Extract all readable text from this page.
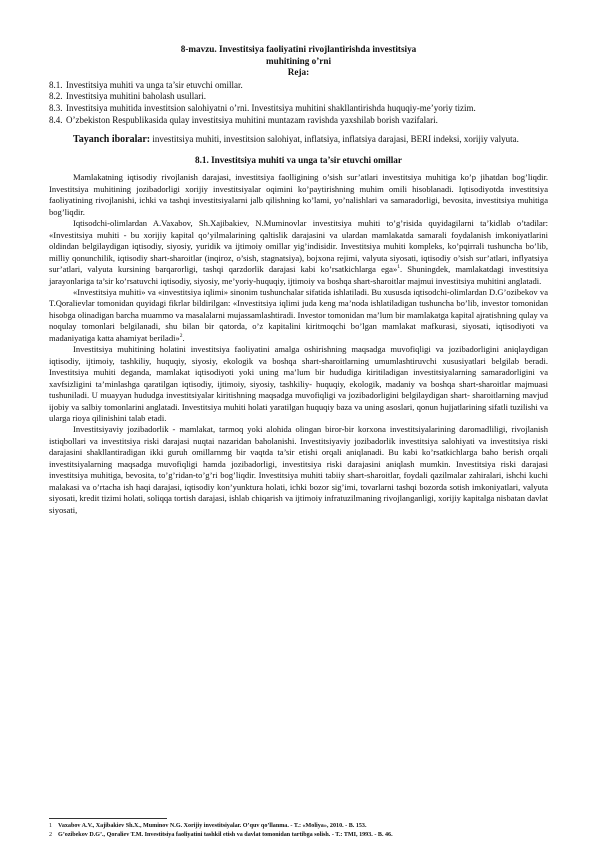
8-mavzu. Investitsiya faoliyatini rivojlantirishda investitsiya
muhitining o’rni
Reja:
8.1. Investitsiya muhiti va unga ta’sir etuvchi omillar.
8.2. Investitsiya muhitini baholash usullari.
8.3. Investitsiya muhitida investitsion salohiyatni o’rni. Investitsiya muhitini shakllantirishda huquqiy-me’yoriy tizim.
8.4. O’zbekiston Respublikasida qulay investitsiya muhitini muntazam ravishda yaxshilab borish vazifalari.

Tayanch iboralar: investitsiya muhiti, investitsion salohiyat, inflatsiya, inflatsiya darajasi, BERI indeksi, xorijiy valyuta.

8.1. Investitsiya muhiti va unga ta’sir etuvchi omillar

Mamlakatning iqtisodiy rivojlanish darajasi, investitsiya faolligining o’sish sur’atlari investitsiya muhitiga ko’p jihatdan bog’liqdir. Investitsiya muhitining jozibadorligi xorijiy investitsiyalar oqimini ko’paytirishning muhim omili hisoblanadi. Iqtisodiyotda investitsiya faoliyatining rivojlanishi, ichki va tashqi investitsiyalarni jalb qilishning ko’lami, yo’nalishlari va samaradorligi, bevosita, investitsiya muhitiga bog’liqdir.

Iqtisodchi-olimlardan A.Vaxabov, Sh.Xajibakiev, N.Muminovlar investitsiya muhiti to’g’risida quyidagilarni ta’kidlab o’tadilar: «Investitsiya muhiti - bu xorijiy kapital qo’yilmalarining qaltislik darajasini va ulardan mamlakatda samarali foydalanish imkoniyatlarini oldindan belgilaydigan iqtisodiy, siyosiy, yuridik va ijtimoiy omillar yig’indisidir. Investitsiya muhiti kompleks, ko’pqirrali tushuncha bo’lib, milliy qonunchilik, iqtisodiy shart-sharoitlar (inqiroz, o’sish, stagnatsiya), bojxona rejimi, valyuta siyosati, iqtisodiy o’sish sur’atlari, inflyatsiya sur’atlari, valyuta kursining barqarorligi, tashqi qarzdorlik darajasi kabi ko’rsatkichlarga ega»$^1$. Shuningdek, mamlakatdagi investitsiya jarayonlariga ta’sir ko’rsatuvchi iqtisodiy, siyosiy, me’yoriy-huquqiy, ijtimoiy va boshqa shart-sharoitlar majmui investitsiya muhitini anglatadi.

«Investitsiya muhiti» va «investitsiya iqlimi» sinonim tushunchalar sifatida ishlatiladi. Bu xususda iqtisodchi-olimlardan D.G’ozibekov va T.Qoralievlar tomonidan quyidagi fikrlar bildirilgan: «Investitsiya iqlimi juda keng ma’noda ishlatiladigan tushuncha bo’lib, investor tomonidan hisobga olinadigan barcha muammo va masalalarni mujassamlashtiradi. Investor tomonidan ma’lum bir mamlakatga kapital ajratishning qulay va noqulay tomonlari belgilanadi, shu bilan bir qatorda, o’z kapitalini kiritmoqchi bo’lgan mamlakat mafkurasi, siyosati, iqtisodiyoti va madaniyatiga katta ahamiyat beriladi»$^2$.

Investitsiya muhitining holatini investitsiya faoliyatini amalga oshirishning maqsadga muvofiqligi va jozibadorligini aniqlaydigan iqtisodiy, ijtimoiy, tashkiliy, huquqiy, siyosiy, ekologik va boshqa shart-sharoitlarning umumlashtiruvchi xususiyatlari belgilab beradi. Investitsiya muhiti deganda, mamlakat iqtisodiyoti yoki uning ma’lum bir hududiga kiritiladigan investitsiyalarning samaradorligini va xavfsizligini ta’minlashga qaratilgan iqtisodiy, ijtimoiy, siyosiy, tashkiliy- huquqiy, ekologik, madaniy va boshqa shart-sharoitlar majmuasi tushuniladi. U muayyan hududga investitsiyalar kiritishning maqsadga muvofiqligi va jozibadorligini belgilaydigan shart- sharoitlarning mavjud ijobiy va salbiy tomonlarini anglatadi. Investitsiya muhiti holati yaratilgan huquqiy baza va uning asoslari, qonun hujjatlarining sifatli tuzilishi va ularga rioya qilinishini talab etadi.

Investitsiyaviy jozibadorlik - mamlakat, tarmoq yoki alohida olingan biror-bir korxona investitsiyalarining daromadliligi, rivojlanish istiqbollari va investitsiya riski darajasi nuqtai nazaridan baholanishi. Investitsiyaviy jozibadorlik investitsiya salohiyati va investitsiya riski darajasini shakllantiradigan ikki guruh omillarnmg bir vaqtda ta’sir etishi orqali aniqlanadi. Bu kabi ko’rsatkichlarga baho berish orqali investitsiyalarning maqsadga muvofiqligi hamda jozibadorligi, investitsiya riski darajasini aniqlash mumkin. Investitsiya riski darajasi investitsiya muhitiga, bevosita, to’g’ridan-to’g’ri bog’liqdir. Investitsiya muhiti tabiiy shart-sharoitlar, foydali qazilmalar zahiralari, ishchi kuchi malakasi va o’rtacha ish haqi darajasi, iqtisodiy kon’yunktura holati, ichki bozor sig’imi, tovarlarni tashqi bozorda sotish imkoniyatlari, valyuta siyosati, kredit tizimi holati, soliqqa tortish darajasi, ishlab chiqarish va ijtimoiy infratuzilmaning rivojlanganligi, xorijiy kapitalga nisbatan davlat siyosati,

1 Vaxabov A.V., Xajibakiev Sh.X., Muminov N.G. Xorijiy investitsiyalar. O’quv qo’llanma. - T.: «Moliya», 2010. - B. 153.
2 G’ozibekov D.G’., Qoraliev T.M. Investitsiya faoliyatini tashkil etish va davlat tomonidan tartibga solish. - T.: TMI, 1993. - B. 46.
